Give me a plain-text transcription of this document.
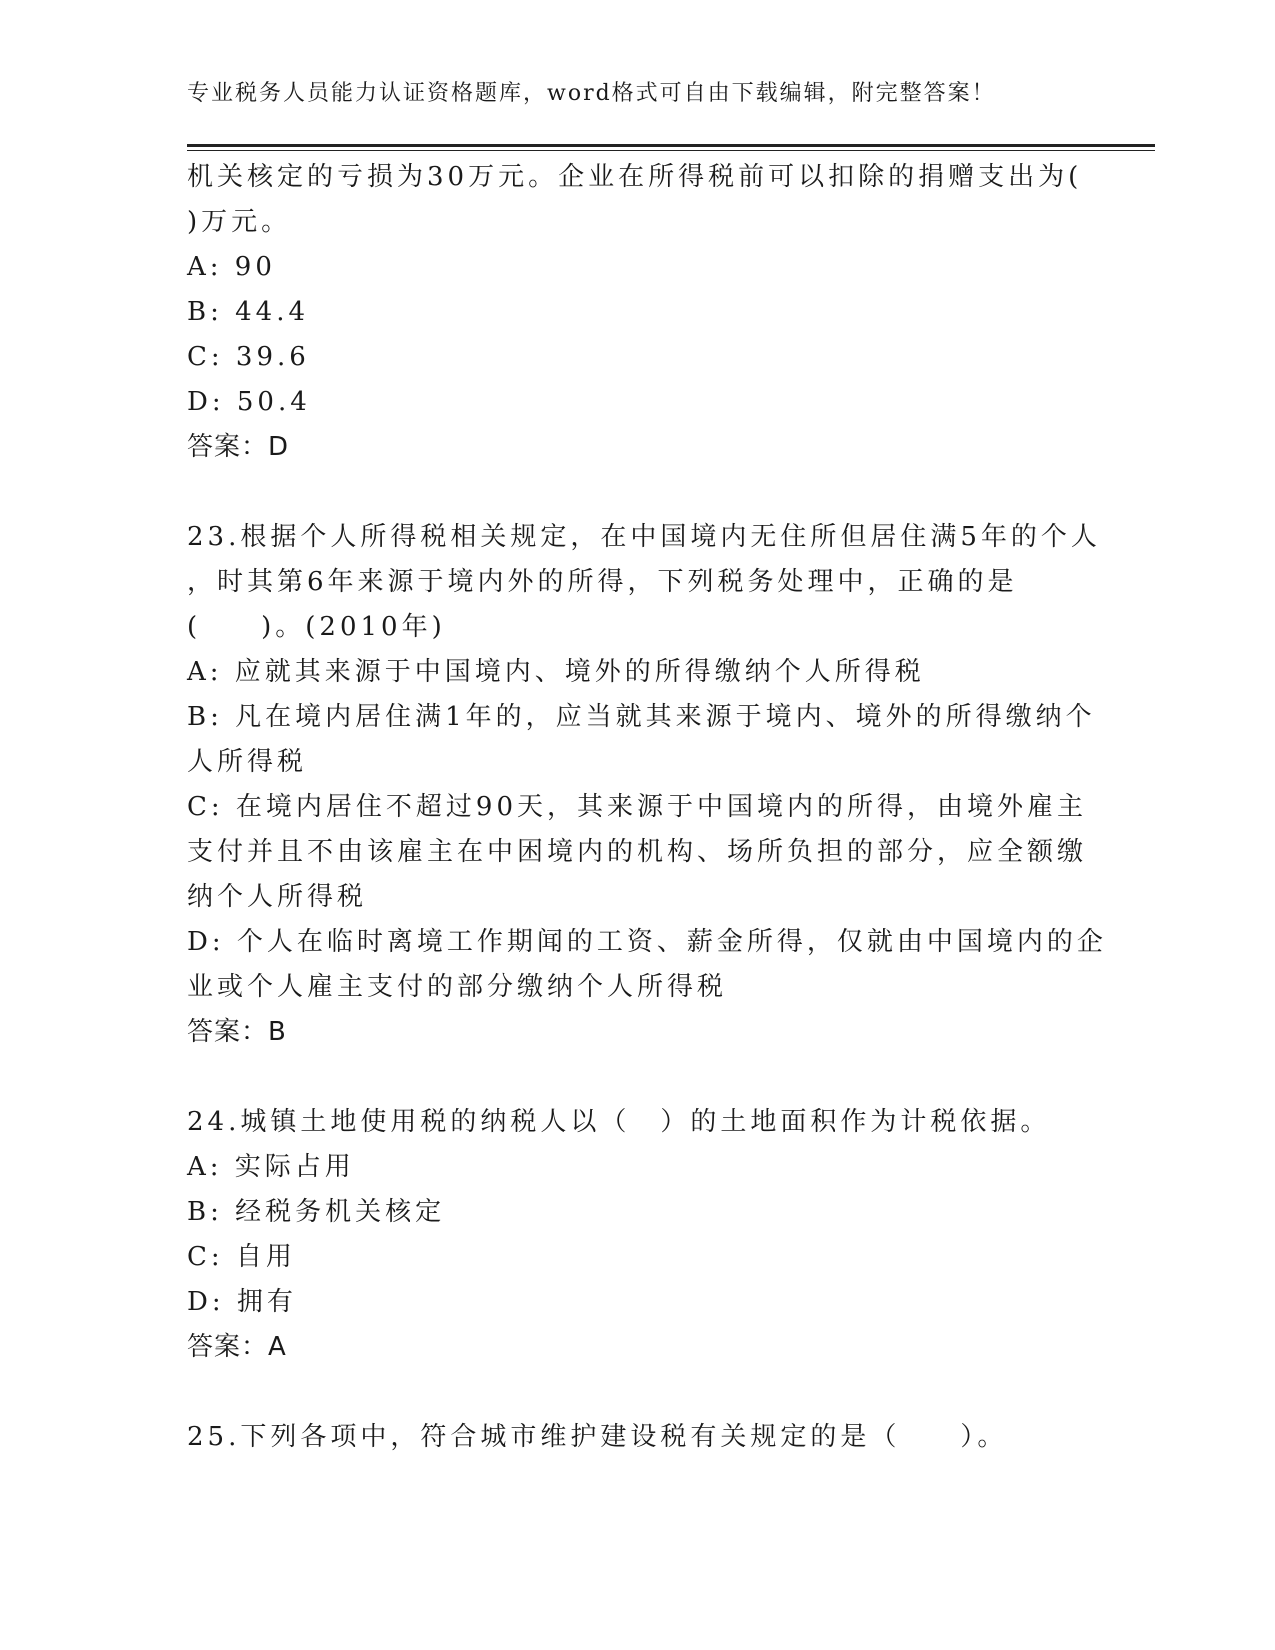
专业税务人员能力认证资格题库，word格式可自由下载编辑，附完整答案！
机关核定的亏损为30万元。企业在所得税前可以扣除的捐赠支出为(
)万元。
A: 90
B: 44.4
C: 39.6
D: 50.4
答案：D
23.根据个人所得税相关规定，在中国境内无住所但居住满5年的个人
，时其第6年来源于境内外的所得，下列税务处理中，正确的是
(　　)。(2010年)
A: 应就其来源于中国境内、境外的所得缴纳个人所得税
B: 凡在境内居住满1年的，应当就其来源于境内、境外的所得缴纳个
人所得税
C: 在境内居住不超过90天，其来源于中国境内的所得，由境外雇主
支付并且不由该雇主在中困境内的机构、场所负担的部分，应全额缴
纳个人所得税
D: 个人在临时离境工作期闻的工资、薪金所得，仅就由中国境内的企
业或个人雇主支付的部分缴纳个人所得税
答案：B
24.城镇土地使用税的纳税人以（　）的土地面积作为计税依据。
A: 实际占用
B: 经税务机关核定
C: 自用
D: 拥有
答案：A
25.下列各项中，符合城市维护建设税有关规定的是（　　）。
